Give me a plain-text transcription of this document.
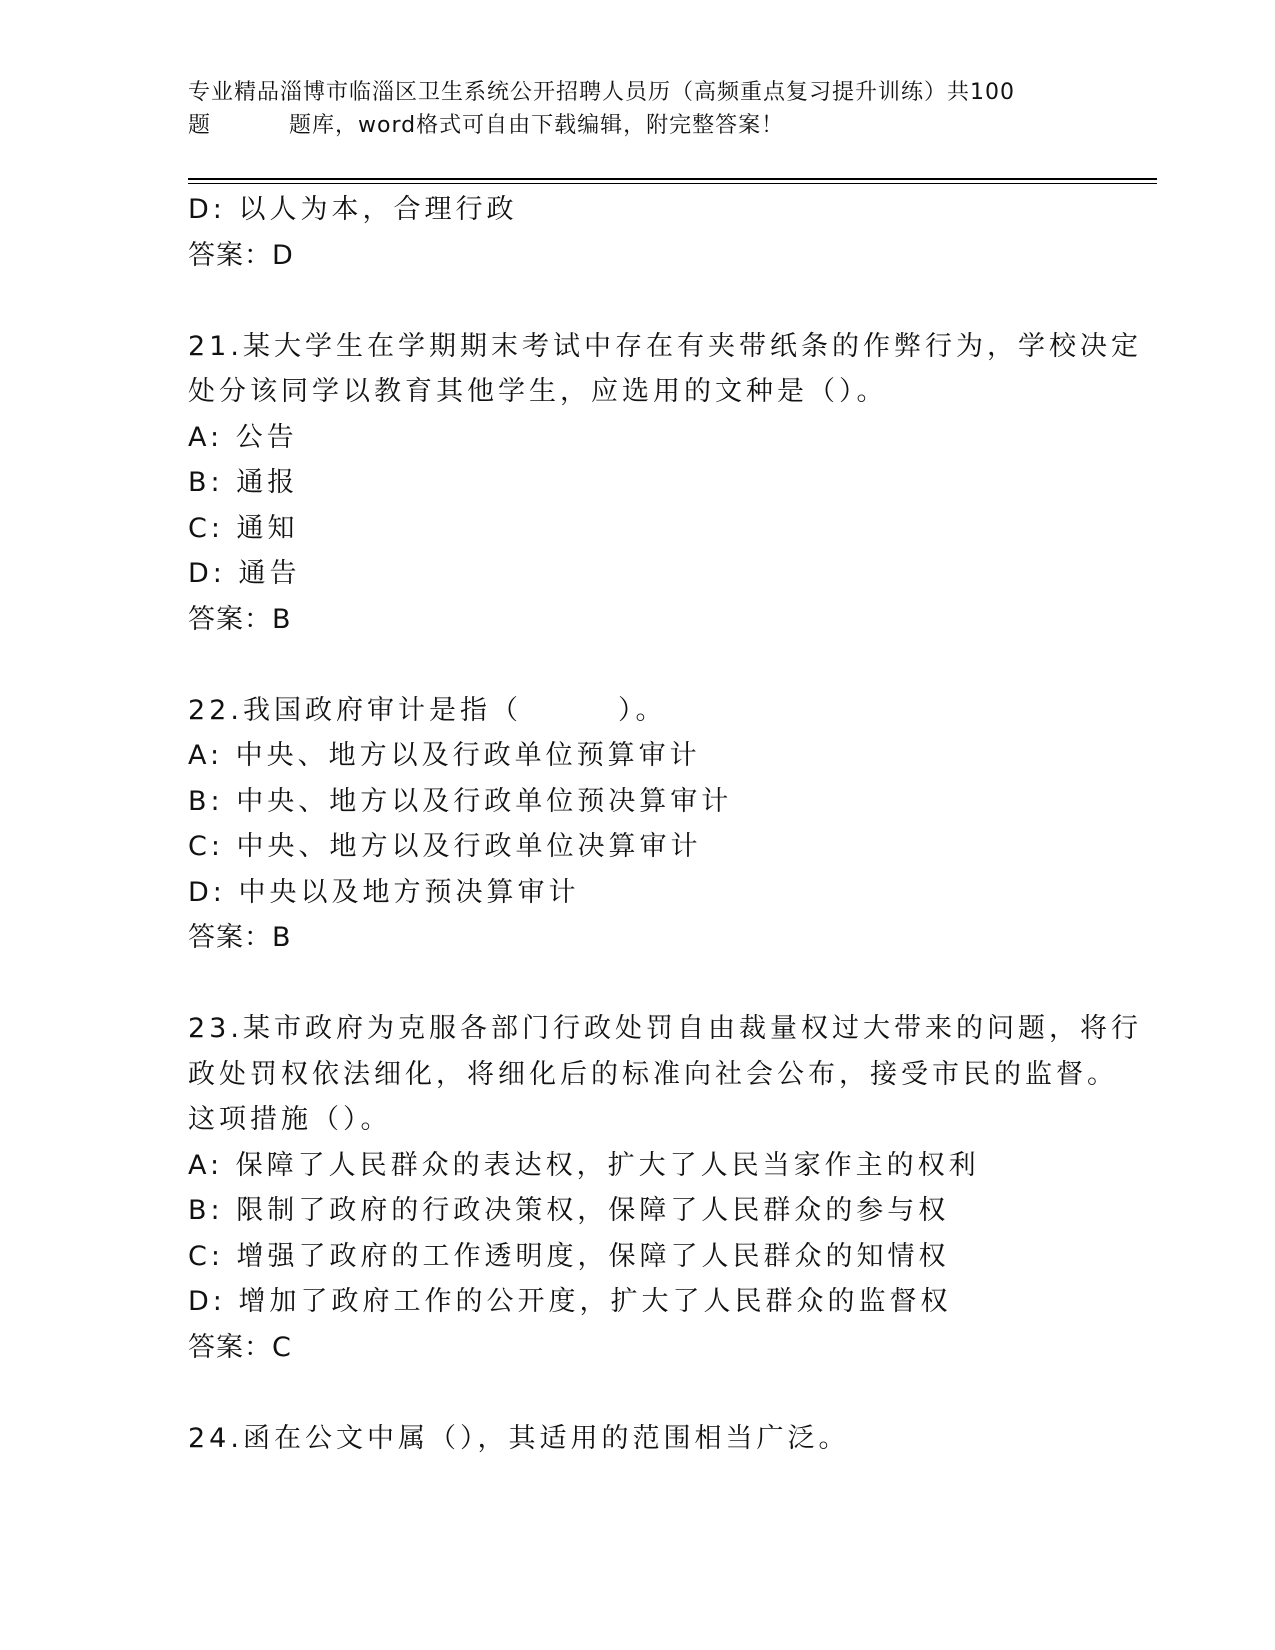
专业精品淄博市临淄区卫生系统公开招聘人员历（高频重点复习提升训练）共100
题	题库，word格式可自由下载编辑，附完整答案！
D: 以人为本，合理行政
答案：D
21.某大学生在学期期末考试中存在有夹带纸条的作弊行为，学校决定
处分该同学以教育其他学生，应选用的文种是（）。
A: 公告
B: 通报
C: 通知
D: 通告
答案：B
22.我国政府审计是指（	）。
A: 中央、地方以及行政单位预算审计
B: 中央、地方以及行政单位预决算审计
C: 中央、地方以及行政单位决算审计
D: 中央以及地方预决算审计
答案：B
23.某市政府为克服各部门行政处罚自由裁量权过大带来的问题，将行
政处罚权依法细化，将细化后的标准向社会公布，接受市民的监督。
这项措施（）。
A: 保障了人民群众的表达权，扩大了人民当家作主的权利
B: 限制了政府的行政决策权，保障了人民群众的参与权
C: 增强了政府的工作透明度，保障了人民群众的知情权
D: 增加了政府工作的公开度，扩大了人民群众的监督权
答案：C
24.函在公文中属（），其适用的范围相当广泛。
